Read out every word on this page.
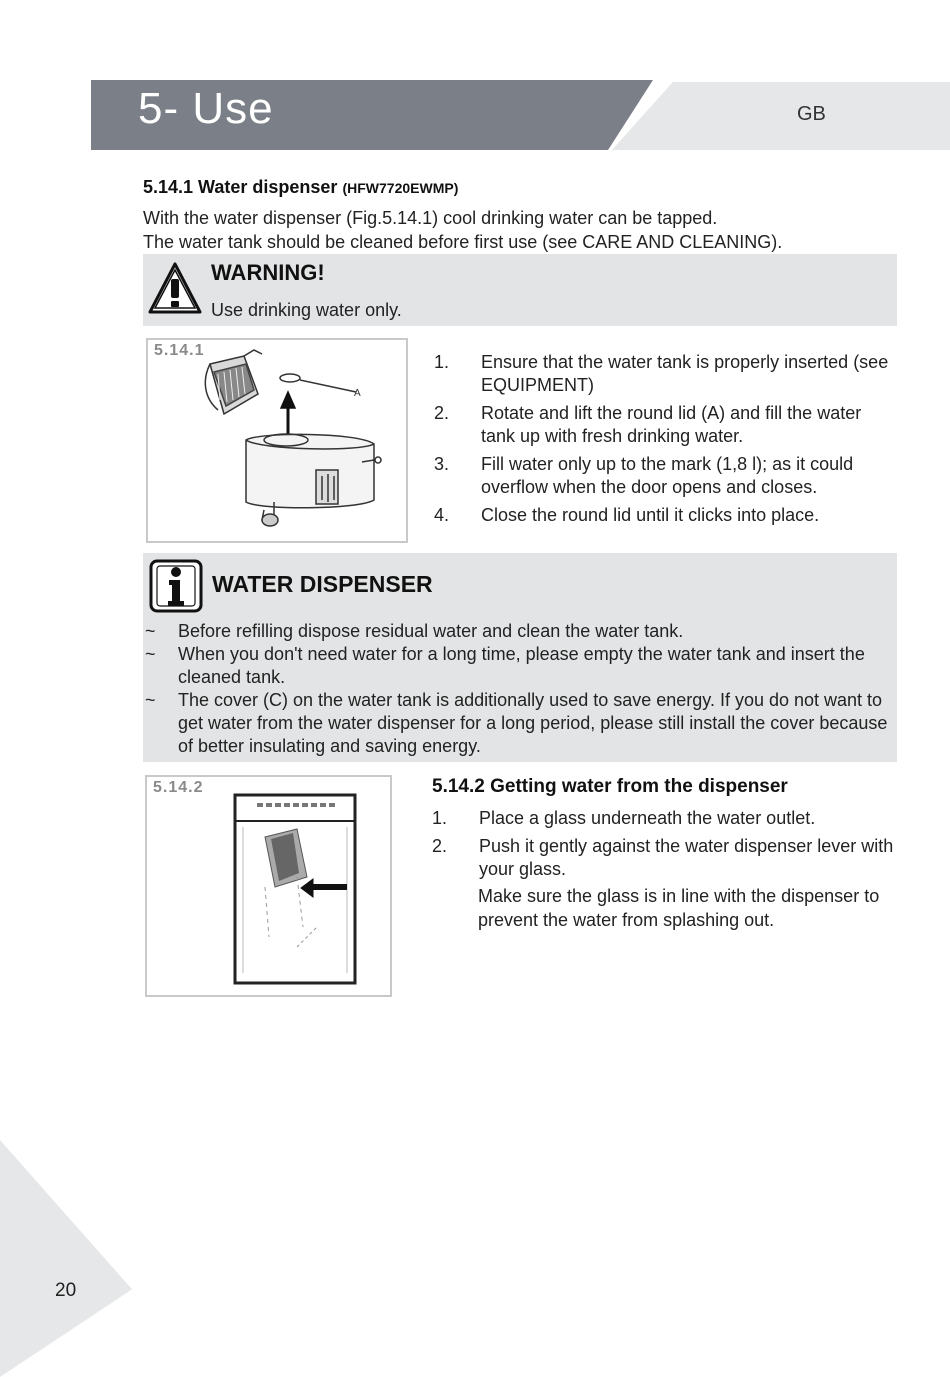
5- Use	GB
5.14.1 Water dispenser (HFW7720EWMP)

With the water dispenser (Fig.5.14.1) cool drinking water can be tapped.

The water tank should be cleaned before first use (see CARE AND CLEANING).

WARNING!
Use drinking water only.
5.14.1
A
1.	Ensure that the water tank is properly inserted (see EQUIPMENT)
2.	Rotate and lift the round lid (A) and fill the water tank up with fresh drinking water.
3.	Fill water only up to the mark (1,8 l); as it could overflow when the door opens and closes.
4.	Close the round lid until it clicks into place.
WATER DISPENSER
~	Before refilling dispose residual water and clean the water tank.
~	When you don't need water for a long time, please empty the water tank and insert the cleaned tank.
~	The cover (C) on the water tank is additionally used to save energy. If you do not want to get water from the water dispenser for a long period, please still install the cover because of better insulating and saving energy.
5.14.2	5.14.2 Getting water from the dispenser
1.	Place a glass underneath the water outlet.
2.	Push it gently against the water dispenser lever with your glass.

Make sure the glass is in line with the dispenser to prevent the water from splashing out.

20
